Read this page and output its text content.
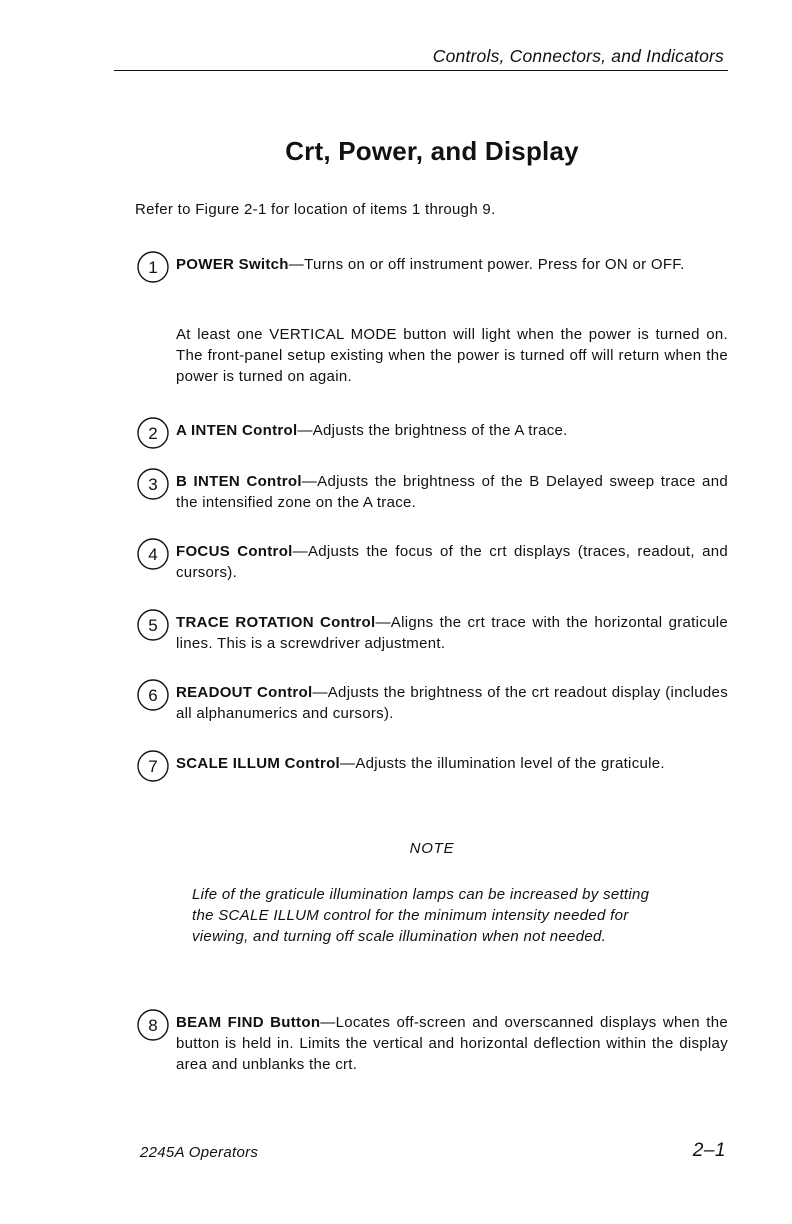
Controls, Connectors, and Indicators
Crt, Power, and Display
Refer to Figure 2-1 for location of items 1 through 9.
1 POWER Switch—Turns on or off instrument power. Press for ON or OFF.
At least one VERTICAL MODE button will light when the power is turned on. The front-panel setup existing when the power is turned off will return when the power is turned on again.
2 A INTEN Control—Adjusts the brightness of the A trace.
3 B INTEN Control—Adjusts the brightness of the B Delayed sweep trace and the intensified zone on the A trace.
4 FOCUS Control—Adjusts the focus of the crt displays (traces, readout, and cursors).
5 TRACE ROTATION Control—Aligns the crt trace with the horizontal graticule lines. This is a screwdriver adjustment.
6 READOUT Control—Adjusts the brightness of the crt readout display (includes all alphanumerics and cursors).
7 SCALE ILLUM Control—Adjusts the illumination level of the graticule.
NOTE
Life of the graticule illumination lamps can be increased by setting the SCALE ILLUM control for the minimum intensity needed for viewing, and turning off scale illumination when not needed.
8 BEAM FIND Button—Locates off-screen and overscanned displays when the button is held in. Limits the vertical and horizontal deflection within the display area and unblanks the crt.
2245A Operators	2–1
